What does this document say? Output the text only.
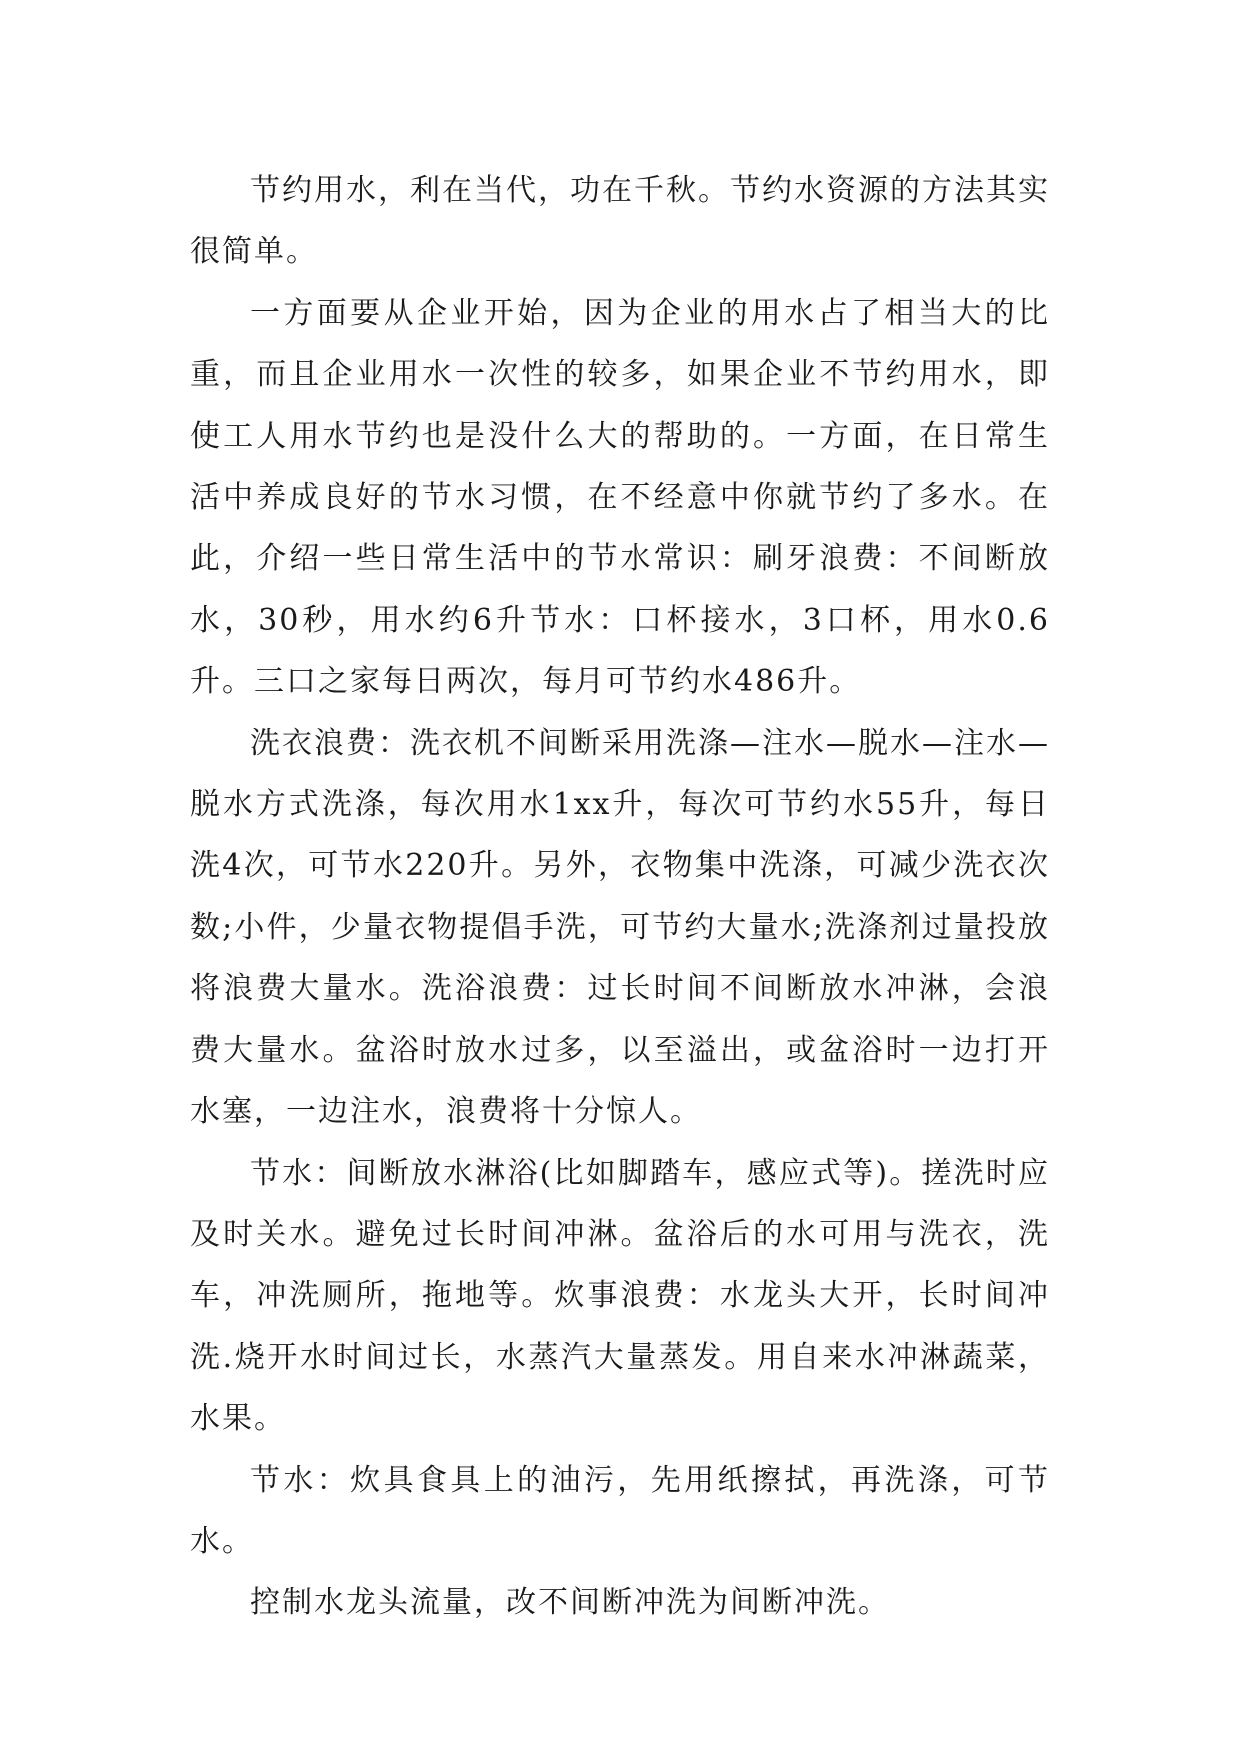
节约用水，利在当代，功在千秋。节约水资源的方法其实很简单。

一方面要从企业开始，因为企业的用水占了相当大的比重，而且企业用水一次性的较多，如果企业不节约用水，即使工人用水节约也是没什么大的帮助的。一方面，在日常生活中养成良好的节水习惯，在不经意中你就节约了多水。在此，介绍一些日常生活中的节水常识：刷牙浪费：不间断放水，30秒，用水约6升节水：口杯接水，3口杯，用水0.6升。三口之家每日两次，每月可节约水486升。

洗衣浪费：洗衣机不间断采用洗涤—注水—脱水—注水—脱水方式洗涤，每次用水1xx升，每次可节约水55升，每日洗4次，可节水220升。另外，衣物集中洗涤，可减少洗衣次数;小件，少量衣物提倡手洗，可节约大量水;洗涤剂过量投放将浪费大量水。洗浴浪费：过长时间不间断放水冲淋，会浪费大量水。盆浴时放水过多，以至溢出，或盆浴时一边打开水塞，一边注水，浪费将十分惊人。

节水：间断放水淋浴(比如脚踏车，感应式等)。搓洗时应及时关水。避免过长时间冲淋。盆浴后的水可用与洗衣，洗车，冲洗厕所，拖地等。炊事浪费：水龙头大开，长时间冲洗.烧开水时间过长，水蒸汽大量蒸发。用自来水冲淋蔬菜，水果。

节水：炊具食具上的油污，先用纸擦拭，再洗涤，可节水。

控制水龙头流量，改不间断冲洗为间断冲洗。
